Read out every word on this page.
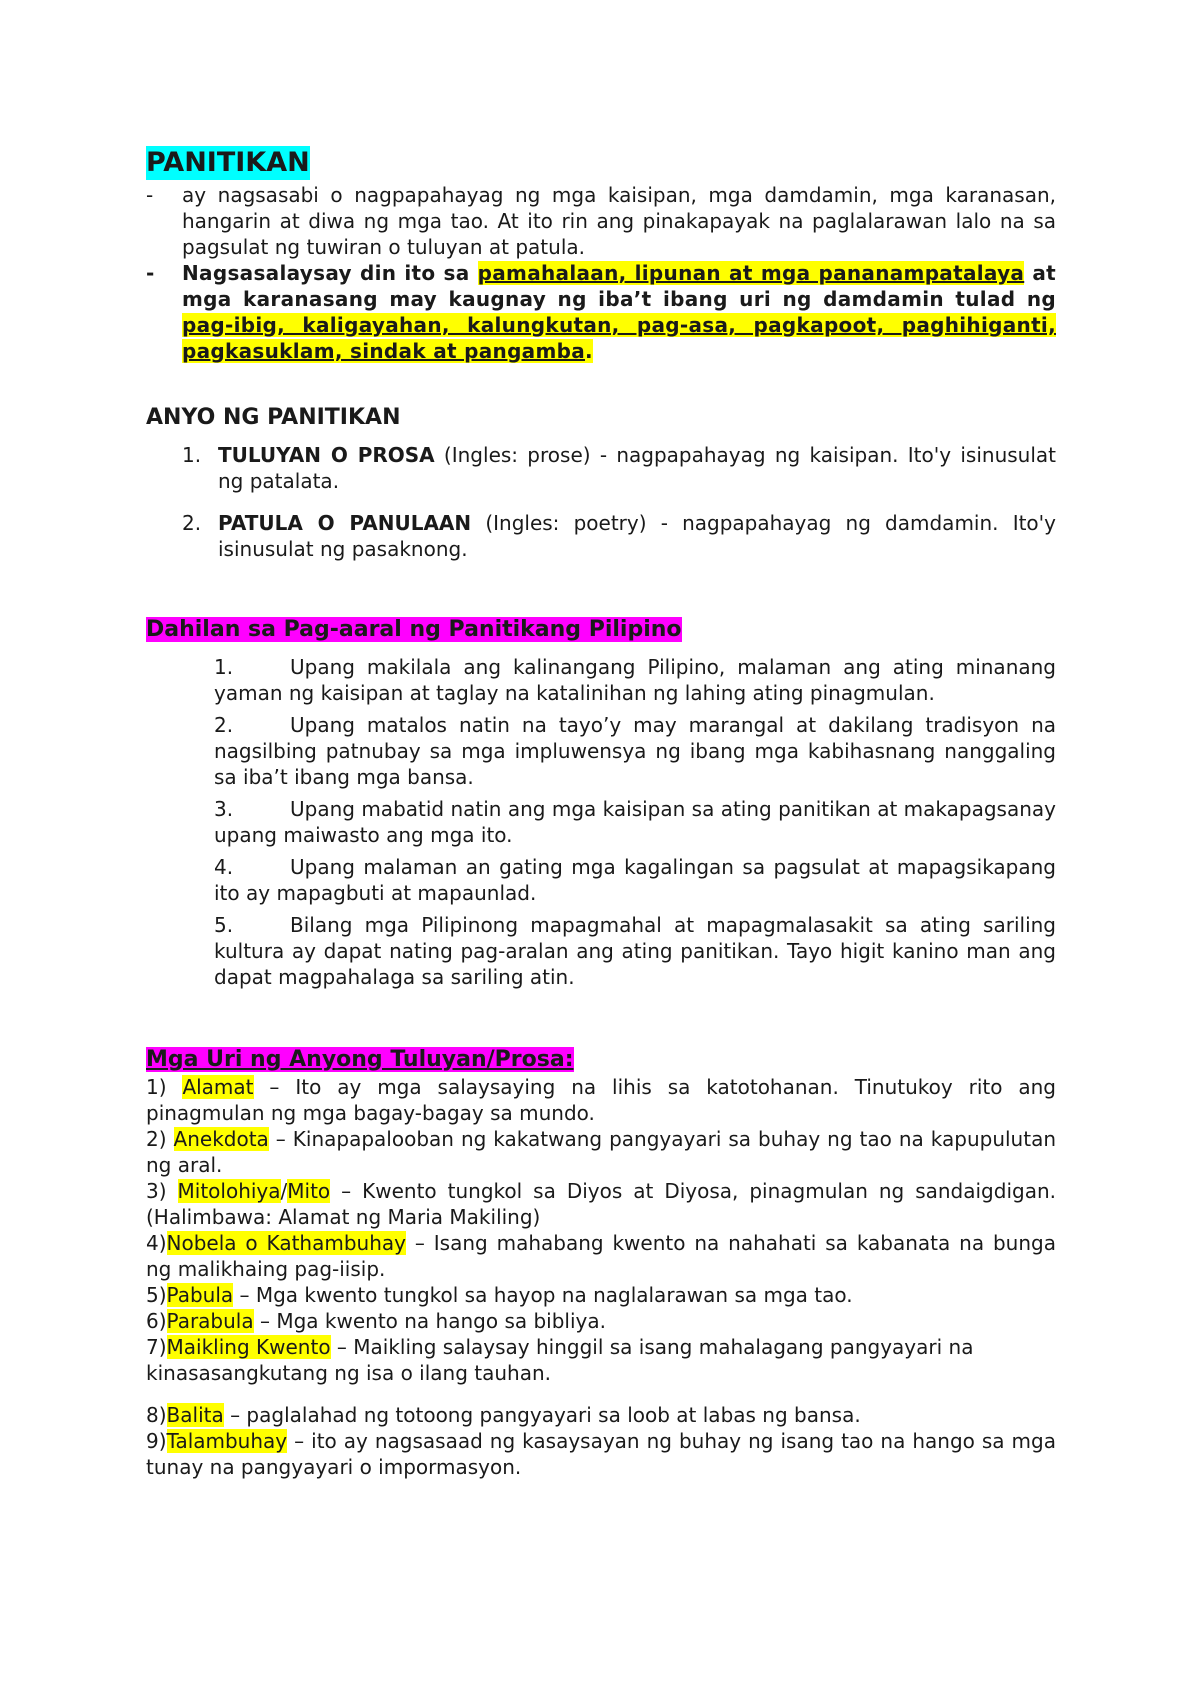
PANITIKAN
- ay nagsasabi o nagpapahayag ng mga kaisipan, mga damdamin, mga karanasan, hangarin at diwa ng mga tao. At ito rin ang pinakapayak na paglalarawan lalo na sa pagsulat ng tuwiran o tuluyan at patula.
- Nagsasalaysay din ito sa pamahalaan, lipunan at mga pananampatalaya at mga karanasang may kaugnay ng iba’t ibang uri ng damdamin tulad ng pag-ibig, kaligayahan, kalungkutan, pag-asa, pagkapoot, paghihiganti, pagkasuklam, sindak at pangamba.

ANYO NG PANITIKAN

1. TULUYAN O PROSA (Ingles: prose) - nagpapahayag ng kaisipan. Ito'y isinusulat ng patalata.
2. PATULA O PANULAAN (Ingles: poetry) - nagpapahayag ng damdamin. Ito'y isinusulat ng pasaknong.

Dahilan sa Pag-aaral ng Panitikang Pilipino

1.	Upang makilala ang kalinangang Pilipino, malaman ang ating minanang yaman ng kaisipan at taglay na katalinihan ng lahing ating pinagmulan.
2.	Upang matalos natin na tayo’y may marangal at dakilang tradisyon na nagsilbing patnubay sa mga impluwensya ng ibang mga kabihasnang nanggaling sa iba’t ibang mga bansa.
3.	Upang mabatid natin ang mga kaisipan sa ating panitikan at makapagsanay upang maiwasto ang mga ito.
4.	Upang malaman an gating mga kagalingan sa pagsulat at mapagsikapang ito ay mapagbuti at mapaunlad.
5.	Bilang mga Pilipinong mapagmahal at mapagmalasakit sa ating sariling kultura ay dapat nating pag-aralan ang ating panitikan. Tayo higit kanino man ang dapat magpahalaga sa sariling atin.

Mga Uri ng Anyong Tuluyan/Prosa:

1) Alamat – Ito ay mga salaysaying na lihis sa katotohanan. Tinutukoy rito ang pinagmulan ng mga bagay-bagay sa mundo.
2) Anekdota – Kinapapalooban ng kakatwang pangyayari sa buhay ng tao na kapupulutan ng aral.
3) Mitolohiya/Mito – Kwento tungkol sa Diyos at Diyosa, pinagmulan ng sandaigdigan. (Halimbawa: Alamat ng Maria Makiling)
4)Nobela o Kathambuhay – Isang mahabang kwento na nahahati sa kabanata na bunga ng malikhaing pag-iisip.
5)Pabula – Mga kwento tungkol sa hayop na naglalarawan sa mga tao.
6)Parabula – Mga kwento na hango sa bibliya.
7)Maikling Kwento – Maikling salaysay hinggil sa isang mahalagang pangyayari na kinasasangkutang ng isa o ilang tauhan.
8)Balita – paglalahad ng totoong pangyayari sa loob at labas ng bansa.
9)Talambuhay – ito ay nagsasaad ng kasaysayan ng buhay ng isang tao na hango sa mga tunay na pangyayari o impormasyon.
